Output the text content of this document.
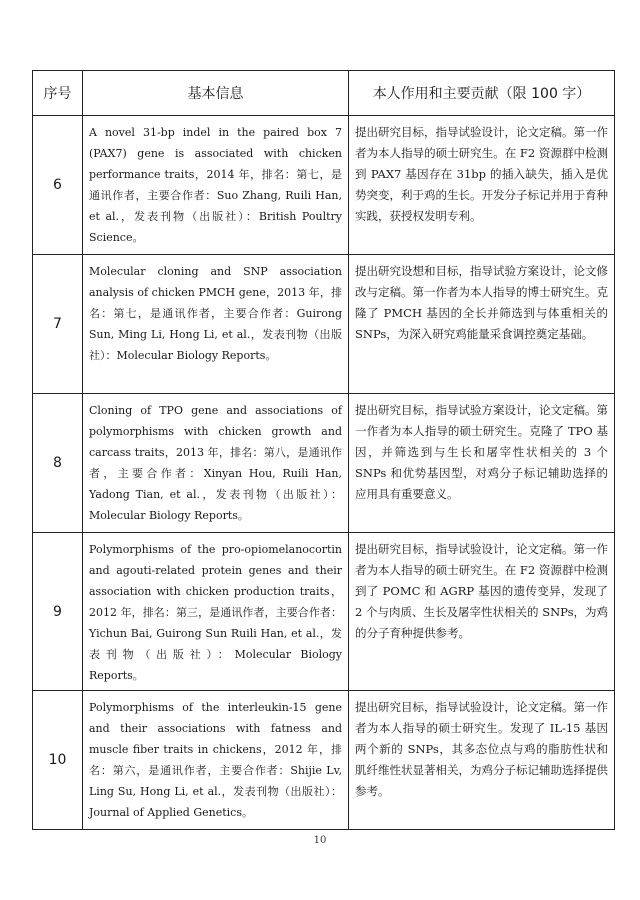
序号	基本信息	本人作用和主要贡献（限 100 字）
6	A novel 31-bp indel in the paired box 7 (PAX7) gene is associated with chicken performance traits，2014 年，排名：第七，是通讯作者，主要合作者：Suo Zhang, Ruili Han, et al.，发表刊物（出版社）：British Poultry Science。	提出研究目标，指导试验设计，论文定稿。第一作者为本人指导的硕士研究生。在 F2 资源群中检测到 PAX7 基因存在 31bp 的插入缺失，插入是优势突变，利于鸡的生长。开发分子标记并用于育种实践，获授权发明专利。
7	Molecular cloning and SNP association analysis of chicken PMCH gene，2013 年，排名：第七，是通讯作者，主要合作者：Guirong Sun, Ming Li, Hong Li, et al.，发表刊物（出版社）：Molecular Biology Reports。	提出研究设想和目标，指导试验方案设计，论文修改与定稿。第一作者为本人指导的博士研究生。克隆了 PMCH 基因的全长并筛选到与体重相关的 SNPs，为深入研究鸡能量采食调控奠定基础。
8	Cloning of TPO gene and associations of polymorphisms with chicken growth and carcass traits，2013 年，排名：第八，是通讯作者，主要合作者：Xinyan Hou, Ruili Han, Yadong Tian, et al.，发表刊物（出版社）：Molecular Biology Reports。	提出研究目标，指导试验方案设计，论文定稿。第一作者为本人指导的硕士研究生。克隆了 TPO 基因，并筛选到与生长和屠宰性状相关的 3 个 SNPs 和优势基因型，对鸡分子标记辅助选择的应用具有重要意义。
9	Polymorphisms of the pro-opiomelanocortin and agouti-related protein genes and their association with chicken production traits，2012 年，排名：第三，是通讯作者，主要合作者：Yichun Bai, Guirong Sun Ruili Han, et al.，发表刊物（出版社）：Molecular Biology Reports。	提出研究目标，指导试验设计，论文定稿。第一作者为本人指导的硕士研究生。在 F2 资源群中检测到了 POMC 和 AGRP 基因的遗传变异，发现了 2 个与肉质、生长及屠宰性状相关的 SNPs，为鸡的分子育种提供参考。
10	Polymorphisms of the interleukin-15 gene and their associations with fatness and muscle fiber traits in chickens，2012 年，排名：第六，是通讯作者，主要合作者：Shijie Lv, Ling Su, Hong Li, et al.，发表刊物（出版社）：Journal of Applied Genetics。	提出研究目标，指导试验设计，论文定稿。第一作者为本人指导的硕士研究生。发现了 IL-15 基因两个新的 SNPs，其多态位点与鸡的脂肪性状和肌纤维性状显著相关，为鸡分子标记辅助选择提供参考。
10
